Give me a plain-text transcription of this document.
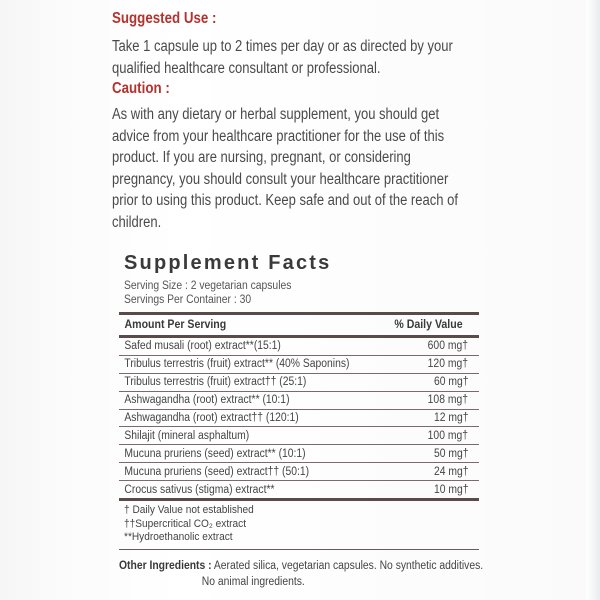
Suggested Use :
Take 1 capsule up to 2 times per day or as directed by your
qualified healthcare consultant or professional.
Caution :
As with any dietary or herbal supplement, you should get
advice from your healthcare practitioner for the use of this
product. If you are nursing, pregnant, or considering
pregnancy, you should consult your healthcare practitioner
prior to using this product. Keep safe and out of the reach of
children.
Supplement Facts
Serving Size : 2 vegetarian capsules
Servings Per Container : 30
Amount Per Serving	% Daily Value
Safed musali (root) extract**(15:1)	600 mg†
Tribulus terrestris (fruit) extract** (40% Saponins)	120 mg†
Tribulus terrestris (fruit) extract†† (25:1)	60 mg†
Ashwagandha (root) extract** (10:1)	108 mg†
Ashwagandha (root) extract†† (120:1)	12 mg†
Shilajit (mineral asphaltum)	100 mg†
Mucuna pruriens (seed) extract** (10:1)	50 mg†
Mucuna pruriens (seed) extract†† (50:1)	24 mg†
Crocus sativus (stigma) extract**	10 mg†
† Daily Value not established
††Supercritical CO₂ extract
**Hydroethanolic extract
Other Ingredients : Aerated silica, vegetarian capsules. No synthetic additives.
No animal ingredients.
